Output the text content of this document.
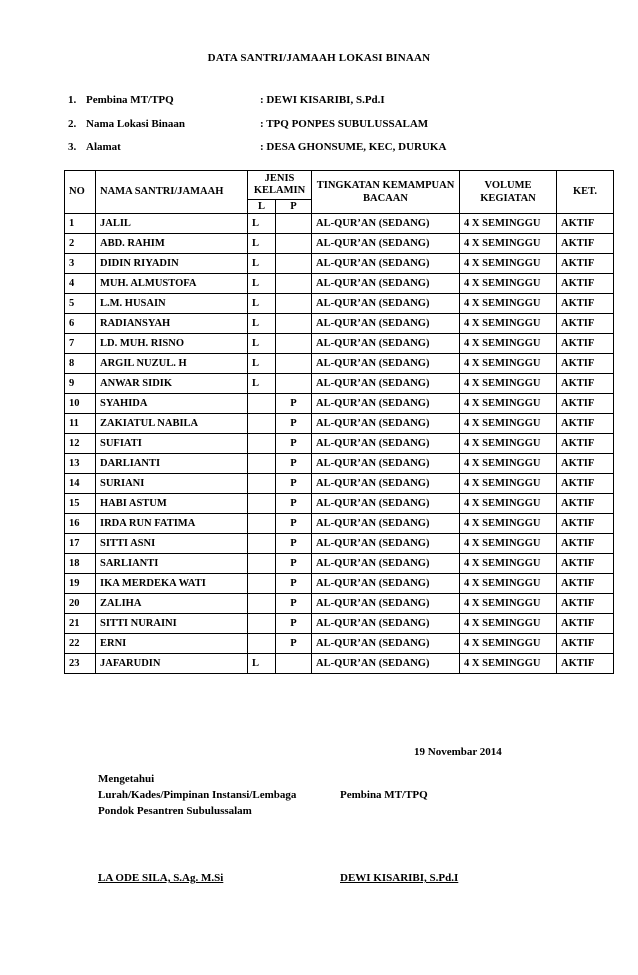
DATA SANTRI/JAMAAH LOKASI BINAAN
1. Pembina MT/TPQ	: DEWI KISARIBI, S.Pd.I
2. Nama Lokasi Binaan	: TPQ PONPES SUBULUSSALAM
3. Alamat	: DESA GHONSUME, KEC, DURUKA
NO	NAMA SANTRI/JAMAAH	JENIS KELAMIN		TINGKATAN KEMAMPUAN BACAAN	VOLUME KEGIATAN	KET.
		L	P			
1	JALIL	L		AL-QUR’AN (SEDANG)	4 X SEMINGGU	AKTIF
2	ABD. RAHIM	L		AL-QUR’AN (SEDANG)	4 X SEMINGGU	AKTIF
3	DIDIN RIYADIN	L		AL-QUR’AN (SEDANG)	4 X SEMINGGU	AKTIF
4	MUH. ALMUSTOFA	L		AL-QUR’AN (SEDANG)	4 X SEMINGGU	AKTIF
5	L.M. HUSAIN	L		AL-QUR’AN (SEDANG)	4 X SEMINGGU	AKTIF
6	RADIANSYAH	L		AL-QUR’AN (SEDANG)	4 X SEMINGGU	AKTIF
7	LD. MUH. RISNO	L		AL-QUR’AN (SEDANG)	4 X SEMINGGU	AKTIF
8	ARGIL NUZUL. H	L		AL-QUR’AN (SEDANG)	4 X SEMINGGU	AKTIF
9	ANWAR SIDIK	L		AL-QUR’AN (SEDANG)	4 X SEMINGGU	AKTIF
10	SYAHIDA		P	AL-QUR’AN (SEDANG)	4 X SEMINGGU	AKTIF
11	ZAKIATUL NABILA		P	AL-QUR’AN (SEDANG)	4 X SEMINGGU	AKTIF
12	SUFIATI		P	AL-QUR’AN (SEDANG)	4 X SEMINGGU	AKTIF
13	DARLIANTI		P	AL-QUR’AN (SEDANG)	4 X SEMINGGU	AKTIF
14	SURIANI		P	AL-QUR’AN (SEDANG)	4 X SEMINGGU	AKTIF
15	HABI ASTUM		P	AL-QUR’AN (SEDANG)	4 X SEMINGGU	AKTIF
16	IRDA RUN FATIMA		P	AL-QUR’AN (SEDANG)	4 X SEMINGGU	AKTIF
17	SITTI ASNI		P	AL-QUR’AN (SEDANG)	4 X SEMINGGU	AKTIF
18	SARLIANTI		P	AL-QUR’AN (SEDANG)	4 X SEMINGGU	AKTIF
19	IKA MERDEKA WATI		P	AL-QUR’AN (SEDANG)	4 X SEMINGGU	AKTIF
20	ZALIHA		P	AL-QUR’AN (SEDANG)	4 X SEMINGGU	AKTIF
21	SITTI NURAINI		P	AL-QUR’AN (SEDANG)	4 X SEMINGGU	AKTIF
22	ERNI		P	AL-QUR’AN (SEDANG)	4 X SEMINGGU	AKTIF
23	JAFARUDIN	L		AL-QUR’AN (SEDANG)	4 X SEMINGGU	AKTIF
19 Novembar 2014
Mengetahui
Lurah/Kades/Pimpinan Instansi/Lembaga
Pondok Pesantren Subulussalam
Pembina MT/TPQ
LA ODE SILA, S.Ag. M.Si	DEWI KISARIBI, S.Pd.I
